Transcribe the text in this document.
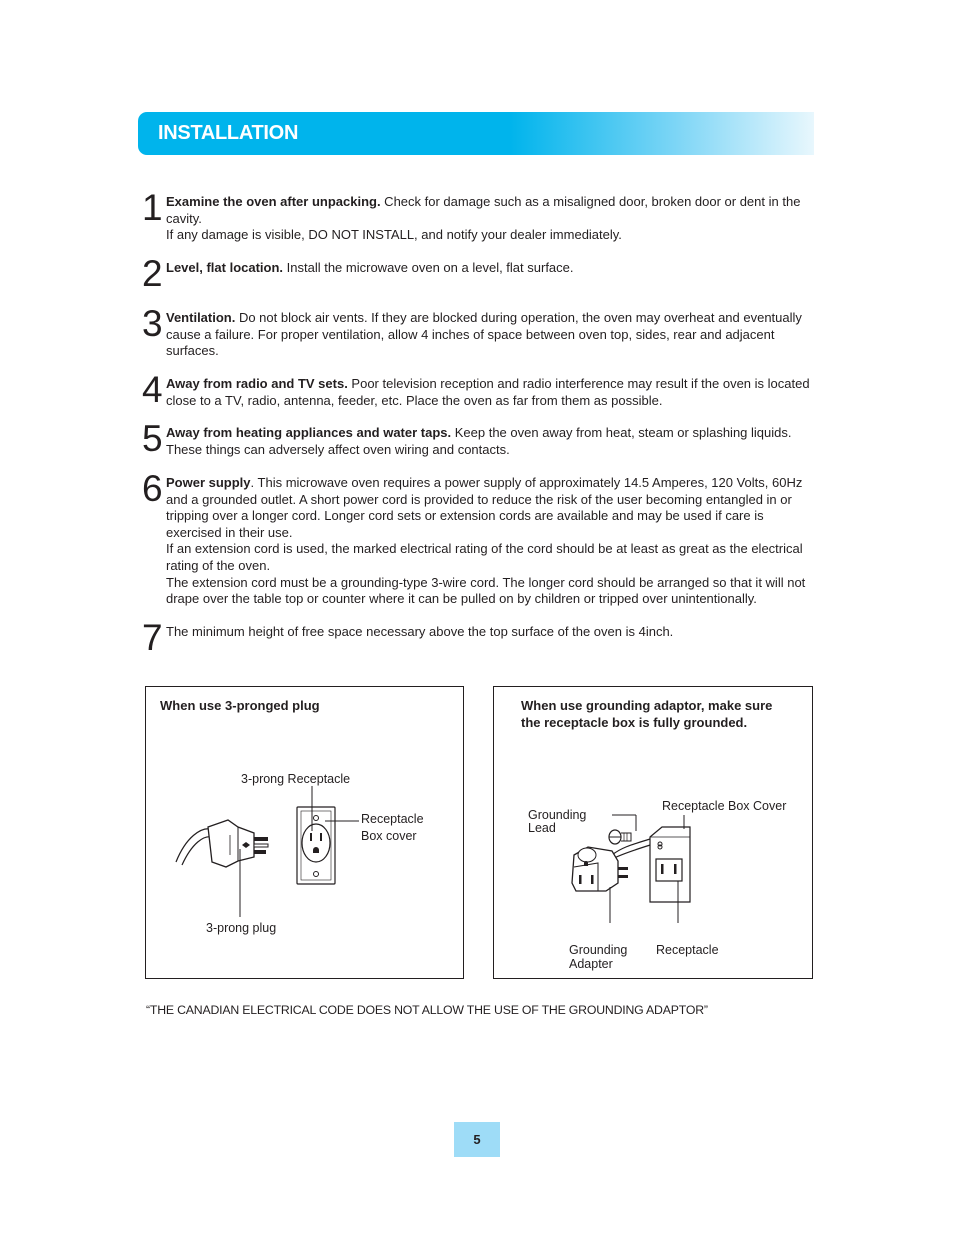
INSTALLATION
1 Examine the oven after unpacking. Check for damage such as a misaligned door, broken door or dent in the cavity.
If any damage is visible, DO NOT INSTALL, and notify your dealer immediately.
2 Level, flat location. Install the microwave oven on a level, flat surface.
3 Ventilation. Do not block air vents. If they are blocked during operation, the oven may overheat and eventually cause a failure. For proper ventilation, allow 4 inches of space between oven top, sides, rear and adjacent surfaces.
4 Away from radio and TV sets. Poor television reception and radio interference may result if the oven is located close to a TV, radio, antenna, feeder, etc. Place the oven as far from them as possible.
5 Away from heating appliances and water taps. Keep the oven away from heat, steam or splashing liquids. These things can adversely affect oven wiring and contacts.
6 Power supply. This microwave oven requires a power supply of approximately 14.5 Amperes, 120 Volts, 60Hz and a grounded outlet. A short power cord is provided to reduce the risk of the user becoming entangled in or tripping over a longer cord. Longer cord sets or extension cords are available and may be used if care is exercised in their use.
If an extension cord is used, the marked electrical rating of the cord should be at least as great as the electrical rating of the oven.
The extension cord must be a grounding-type 3-wire cord. The longer cord should be arranged so that it will not drape over the table top or counter where it can be pulled on by children or tripped over unintentionally.
7 The minimum height of free space necessary above the top surface of the oven is 4inch.
When use 3-pronged plug
3-prong Receptacle
Receptacle
Box cover
3-prong plug
When use grounding adaptor, make sure
the receptacle box is fully grounded.
Grounding
Lead
Receptacle Box Cover
Grounding
Adapter
Receptacle
“THE CANADIAN ELECTRICAL CODE DOES NOT ALLOW THE USE OF THE GROUNDING ADAPTOR”
5
